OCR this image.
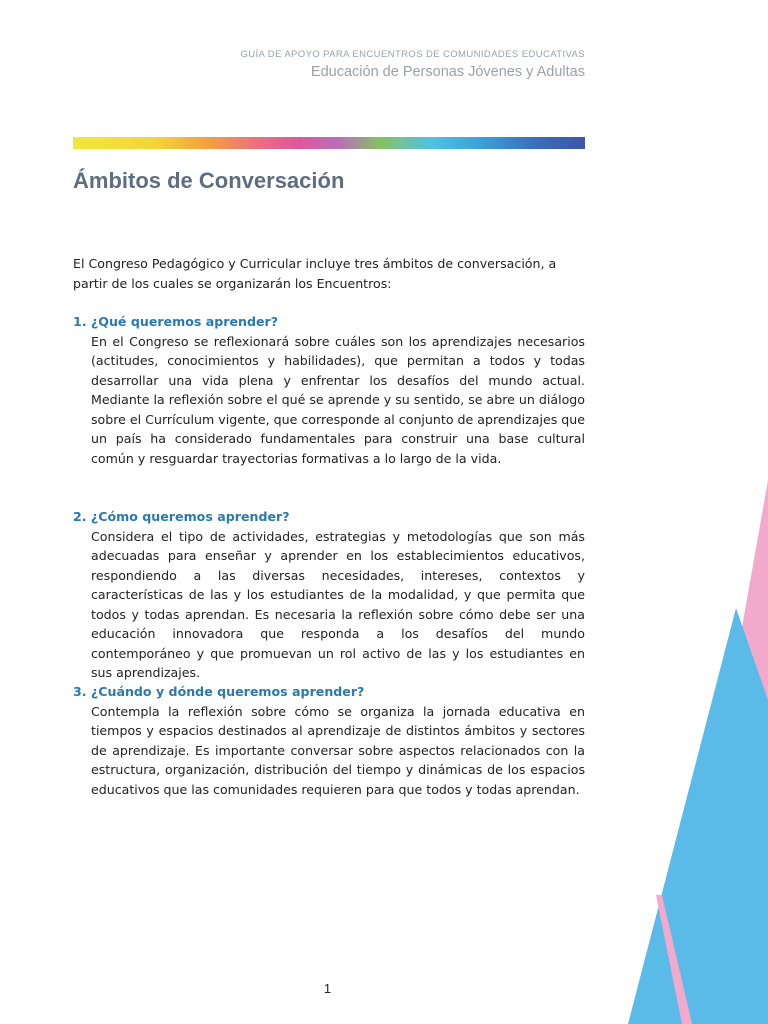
GUÍA DE APOYO PARA ENCUENTROS DE COMUNIDADES EDUCATIVAS
Educación de Personas Jóvenes y Adultas
Ámbitos de Conversación

El Congreso Pedagógico y Curricular incluye tres ámbitos de conversación, a partir de los cuales se organizarán los Encuentros:

1. ¿Qué queremos aprender?

En el Congreso se reflexionará sobre cuáles son los aprendizajes necesarios (actitudes, conocimientos y habilidades), que permitan a todos y todas desarrollar una vida plena y enfrentar los desafíos del mundo actual. Mediante la reflexión sobre el qué se aprende y su sentido, se abre un diálogo sobre el Currículum vigente, que corresponde al conjunto de aprendizajes que un país ha considerado fundamentales para construir una base cultural común y resguardar trayectorias formativas a lo largo de la vida.

2. ¿Cómo queremos aprender?

Considera el tipo de actividades, estrategias y metodologías que son más adecuadas para enseñar y aprender en los establecimientos educativos, respondiendo a las diversas necesidades, intereses, contextos y características de las y los estudiantes de la modalidad, y que permita que todos y todas aprendan. Es necesaria la reflexión sobre cómo debe ser una educación innovadora que responda a los desafíos del mundo contemporáneo y que promuevan un rol activo de las y los estudiantes en sus aprendizajes.

3. ¿Cuándo y dónde queremos aprender?

Contempla la reflexión sobre cómo se organiza la jornada educativa en tiempos y espacios destinados al aprendizaje de distintos ámbitos y sectores de aprendizaje. Es importante conversar sobre aspectos relacionados con la estructura, organización, distribución del tiempo y dinámicas de los espacios educativos que las comunidades requieren para que todos y todas aprendan.

1
